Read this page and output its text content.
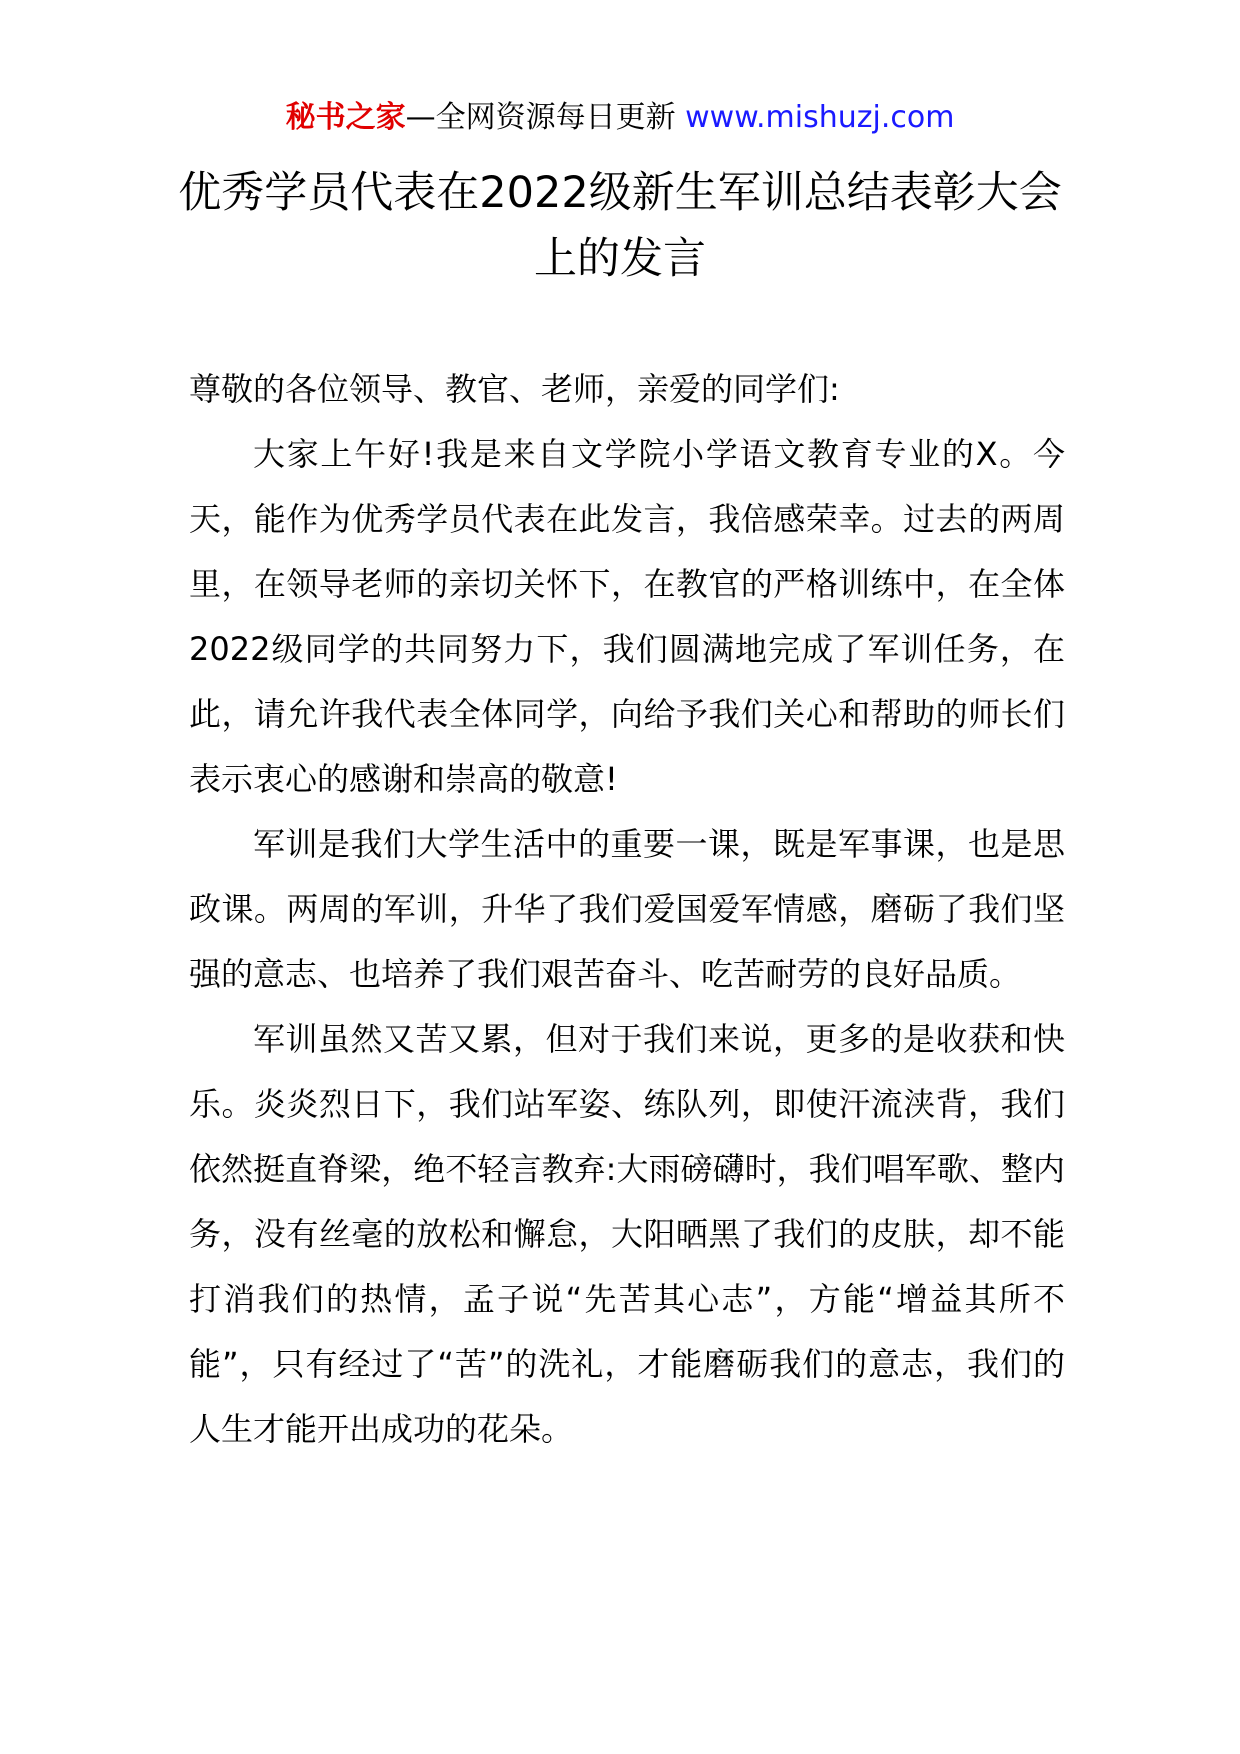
秘书之家—全网资源每日更新 www.mishuzj.com
优秀学员代表在2022级新生军训总结表彰大会上的发言

尊敬的各位领导、教官、老师，亲爱的同学们:

大家上午好!我是来自文学院小学语文教育专业的X。今天，能作为优秀学员代表在此发言，我倍感荣幸。过去的两周里，在领导老师的亲切关怀下，在教官的严格训练中，在全体2022级同学的共同努力下，我们圆满地完成了军训任务，在此，请允许我代表全体同学，向给予我们关心和帮助的师长们表示衷心的感谢和崇高的敬意!

军训是我们大学生活中的重要一课，既是军事课，也是思政课。两周的军训，升华了我们爱国爱军情感，磨砺了我们坚强的意志、也培养了我们艰苦奋斗、吃苦耐劳的良好品质。

军训虽然又苦又累，但对于我们来说，更多的是收获和快乐。炎炎烈日下，我们站军姿、练队列，即使汗流浃背，我们依然挺直脊梁，绝不轻言教弃:大雨磅礴时，我们唱军歌、整内务，没有丝毫的放松和懈怠，大阳晒黑了我们的皮肤，却不能打消我们的热情，孟子说“先苦其心志”，方能“增益其所不能”，只有经过了“苦”的洗礼，才能磨砺我们的意志，我们的人生才能开出成功的花朵。
